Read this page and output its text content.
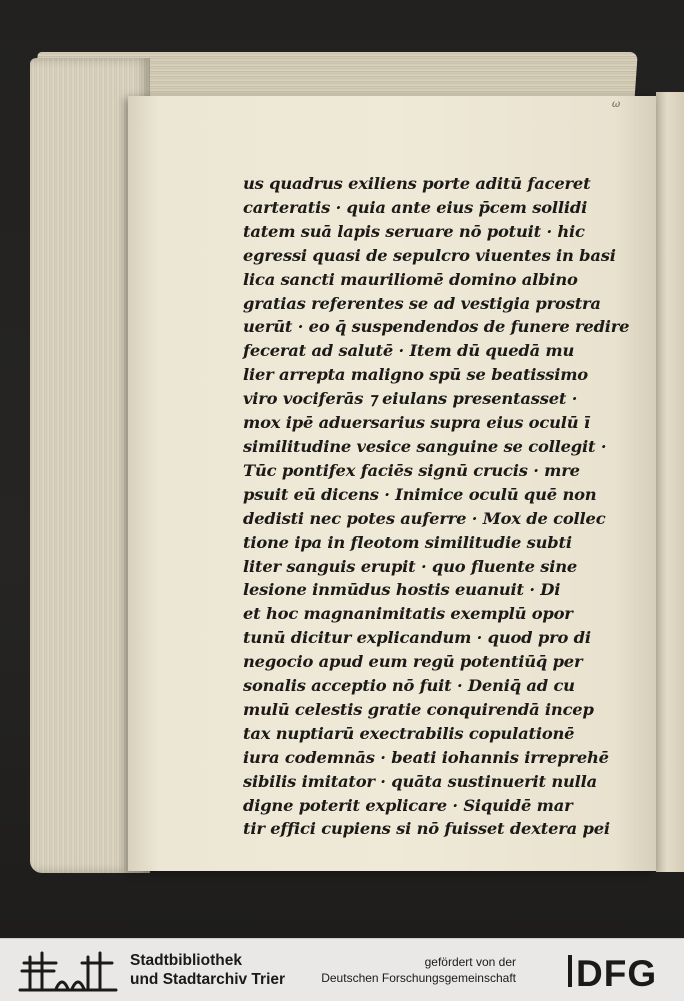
ω
us quadrus exiliens porte aditū faceret
carteratis · quia ante eius p̄cem sollidi
tatem suā lapis seruare nō potuit · hic
egressi quasi de sepulcro viuentes in basi
lica sancti mauriliomē domino albino
gratias referentes se ad vestigia prostra
uerūt · eo q̄ suspendendos de funere redire
fecerat ad salutē · Item dū quedā mu
lier arrepta maligno spū se beatissimo
viro vociferās ⁊ eiulans presentasset ·
mox ipē aduersarius supra eius oculū ī
similitudine vesice sanguine se collegit ·
Tūc pontifex faciēs signū crucis · mre
psuit eū dicens · Inimice oculū quē non
dedisti nec potes auferre · Mox de collec
tione ipa in fleotom similitudie subti
liter sanguis erupit · quo fluente sine
lesione inmūdus hostis euanuit · Di
et hoc magnanimitatis exemplū opor
tunū dicitur explicandum · quod pro di
negocio apud eum regū potentiūq̄ per
sonalis acceptio nō fuit · Deniq̄ ad cu
mulū celestis gratie conquirendā incep
tax nuptiarū exectrabilis copulationē
iura codemnās · beati iohannis irreprehē
sibilis imitator · quāta sustinuerit nulla
digne poterit explicare · Siquidē mar
tir effici cupiens si nō fuisset dextera pei
Stadtbibliothek
und Stadtarchiv Trier
gefördert von der
Deutschen Forschungsgemeinschaft DFG
